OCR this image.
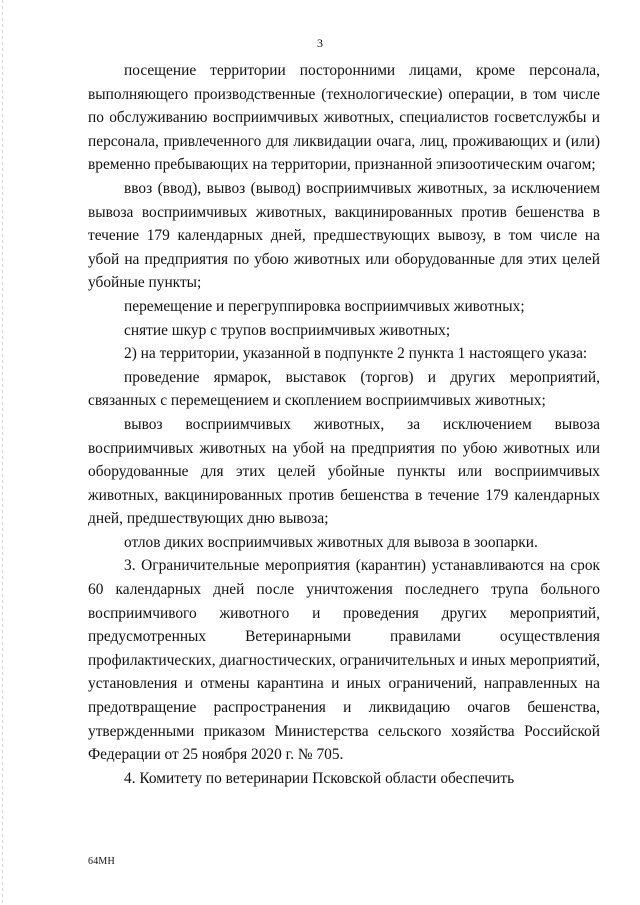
3

посещение территории посторонними лицами, кроме персонала, выполняющего производственные (технологические) операции, в том числе по обслуживанию восприимчивых животных, специалистов госветслужбы и персонала, привлеченного для ликвидации очага, лиц, проживающих и (или) временно пребывающих на территории, признанной эпизоотическим очагом;

ввоз (ввод), вывоз (вывод) восприимчивых животных, за исключением вывоза восприимчивых животных, вакцинированных против бешенства в течение 179 календарных дней, предшествующих вывозу, в том числе на убой на предприятия по убою животных или оборудованные для этих целей убойные пункты;

перемещение и перегруппировка восприимчивых животных;

снятие шкур с трупов восприимчивых животных;

2) на территории, указанной в подпункте 2 пункта 1 настоящего указа:

проведение ярмарок, выставок (торгов) и других мероприятий, связанных с перемещением и скоплением восприимчивых животных;

вывоз восприимчивых животных, за исключением вывоза восприимчивых животных на убой на предприятия по убою животных или оборудованные для этих целей убойные пункты или восприимчивых животных, вакцинированных против бешенства в течение 179 календарных дней, предшествующих дню вывоза;

отлов диких восприимчивых животных для вывоза в зоопарки.

3. Ограничительные мероприятия (карантин) устанавливаются на срок 60 календарных дней после уничтожения последнего трупа больного восприимчивого животного и проведения других мероприятий, предусмотренных Ветеринарными правилами осуществления профилактических, диагностических, ограничительных и иных мероприятий, установления и отмены карантина и иных ограничений, направленных на предотвращение распространения и ликвидацию очагов бешенства, утвержденными приказом Министерства сельского хозяйства Российской Федерации от 25 ноября 2020 г. № 705.

4. Комитету по ветеринарии Псковской области обеспечить

64МН
